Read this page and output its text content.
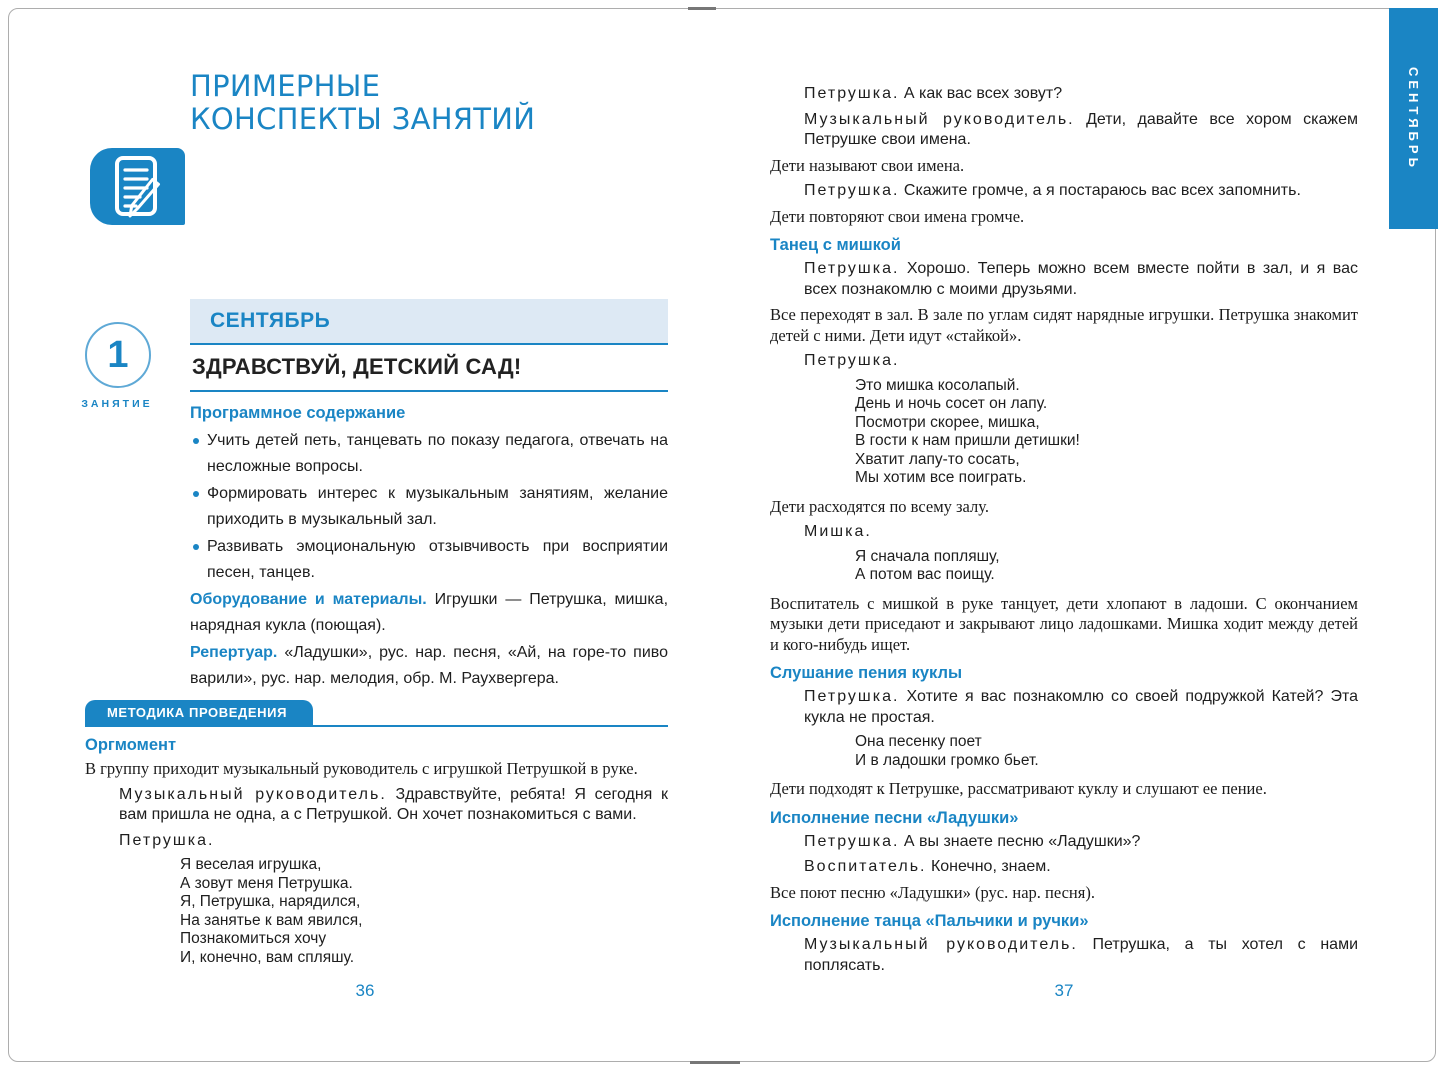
СЕНТЯБРЬ
ПРИМЕРНЫЕ
КОНСПЕКТЫ ЗАНЯТИЙ
1
ЗАНЯТИЕ
СЕНТЯБРЬ
ЗДРАВСТВУЙ, ДЕТСКИЙ САД!
Программное содержание
Учить детей петь, танцевать по показу педагога, отвечать на несложные вопросы.
Формировать интерес к музыкальным занятиям, желание приходить в музыкальный зал.
Развивать эмоциональную отзывчивость при восприятии песен, танцев.

Оборудование и материалы. Игрушки — Петрушка, мишка, нарядная кукла (поющая).

Репертуар. «Ладушки», рус. нар. песня, «Ай, на горе-то пиво варили», рус. нар. мелодия, обр. М. Раухвергера.

МЕТОДИКА ПРОВЕДЕНИЯ
Оргмомент

В группу приходит музыкальный руководитель с игрушкой Петрушкой в руке.

Музыкальный руководитель. Здравствуйте, ребята! Я сегодня к вам пришла не одна, а с Петрушкой. Он хочет познакомиться с вами.

Петрушка.

Я веселая игрушка,
А зовут меня Петрушка.
Я, Петрушка, нарядился,
На занятье к вам явился,
Познакомиться хочу
И, конечно, вам спляшу.

Петрушка. А как вас всех зовут?

Музыкальный руководитель. Дети, давайте все хором скажем Петрушке свои имена.

Дети называют свои имена.

Петрушка. Скажите громче, а я постараюсь вас всех запомнить.

Дети повторяют свои имена громче.

Танец с мишкой

Петрушка. Хорошо. Теперь можно всем вместе пойти в зал, и я вас всех познакомлю с моими друзьями.

Все переходят в зал. В зале по углам сидят нарядные игрушки. Петрушка знакомит детей с ними. Дети идут «стайкой».

Петрушка.

Это мишка косолапый.
День и ночь сосет он лапу.
Посмотри скорее, мишка,
В гости к нам пришли детишки!
Хватит лапу-то сосать,
Мы хотим все поиграть.

Дети расходятся по всему залу.

Мишка.

Я сначала попляшу,
А потом вас поищу.

Воспитатель с мишкой в руке танцует, дети хлопают в ладоши. С окончанием музыки дети приседают и закрывают лицо ладошками. Мишка ходит между детей и кого-нибудь ищет.

Слушание пения куклы

Петрушка. Хотите я вас познакомлю со своей подружкой Катей? Эта кукла не простая.

Она песенку поет
И в ладошки громко бьет.

Дети подходят к Петрушке, рассматривают куклу и слушают ее пение.

Исполнение песни «Ладушки»

Петрушка. А вы знаете песню «Ладушки»?

Воспитатель. Конечно, знаем.

Все поют песню «Ладушки» (рус. нар. песня).

Исполнение танца «Пальчики и ручки»

Музыкальный руководитель. Петрушка, а ты хотел с нами поплясать.

36	37
